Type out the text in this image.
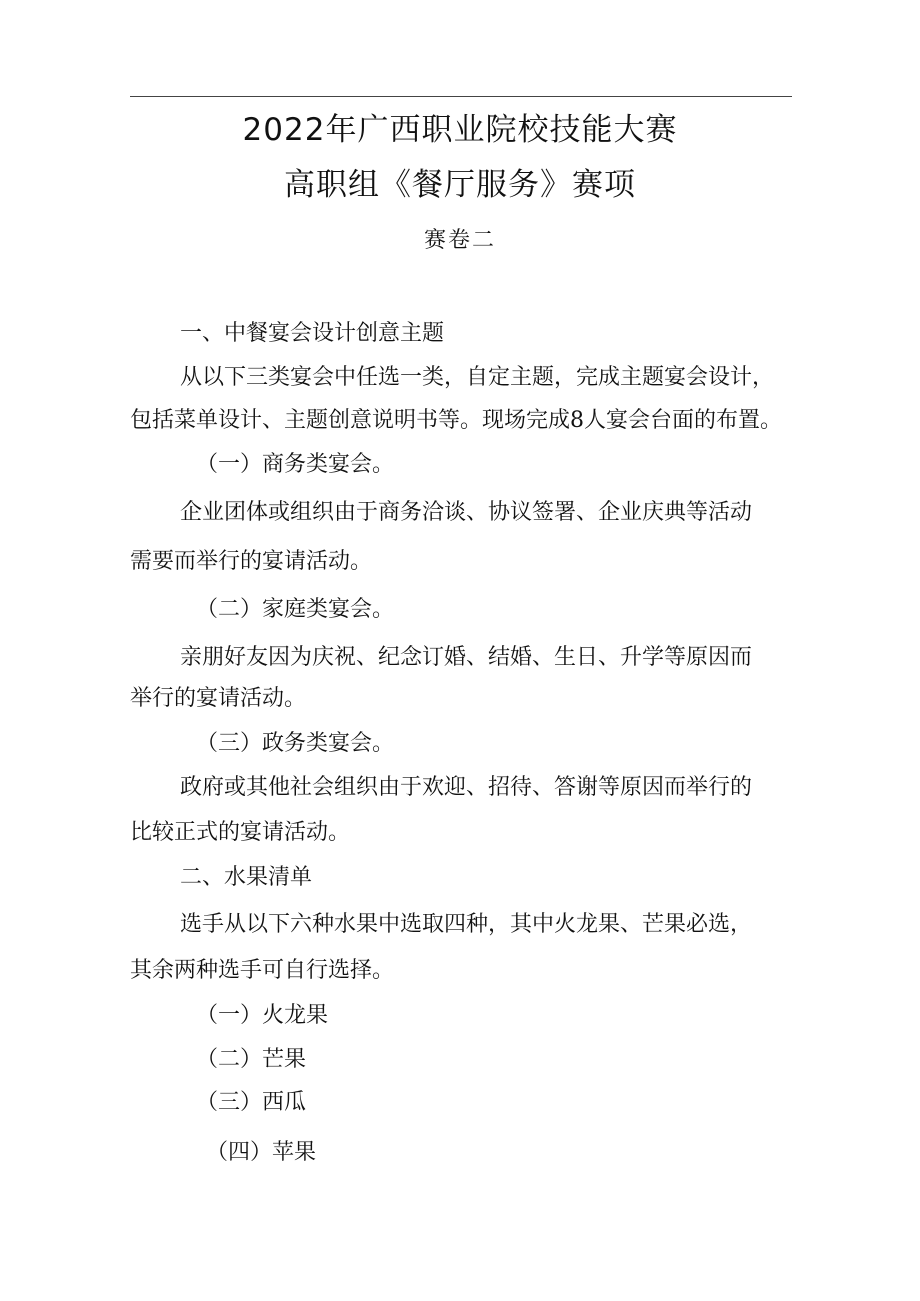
2022年广西职业院校技能大赛
高职组《餐厅服务》赛项
赛卷二
一、中餐宴会设计创意主题
从以下三类宴会中任选一类，自定主题，完成主题宴会设计，
包括菜单设计、主题创意说明书等。现场完成8人宴会台面的布置。
（一）商务类宴会。
企业团体或组织由于商务洽谈、协议签署、企业庆典等活动
需要而举行的宴请活动。
（二）家庭类宴会。
亲朋好友因为庆祝、纪念订婚、结婚、生日、升学等原因而
举行的宴请活动。
（三）政务类宴会。
政府或其他社会组织由于欢迎、招待、答谢等原因而举行的
比较正式的宴请活动。
二、水果清单
选手从以下六种水果中选取四种，其中火龙果、芒果必选，
其余两种选手可自行选择。
（一）火龙果
（二）芒果
（三）西瓜
（四）苹果
